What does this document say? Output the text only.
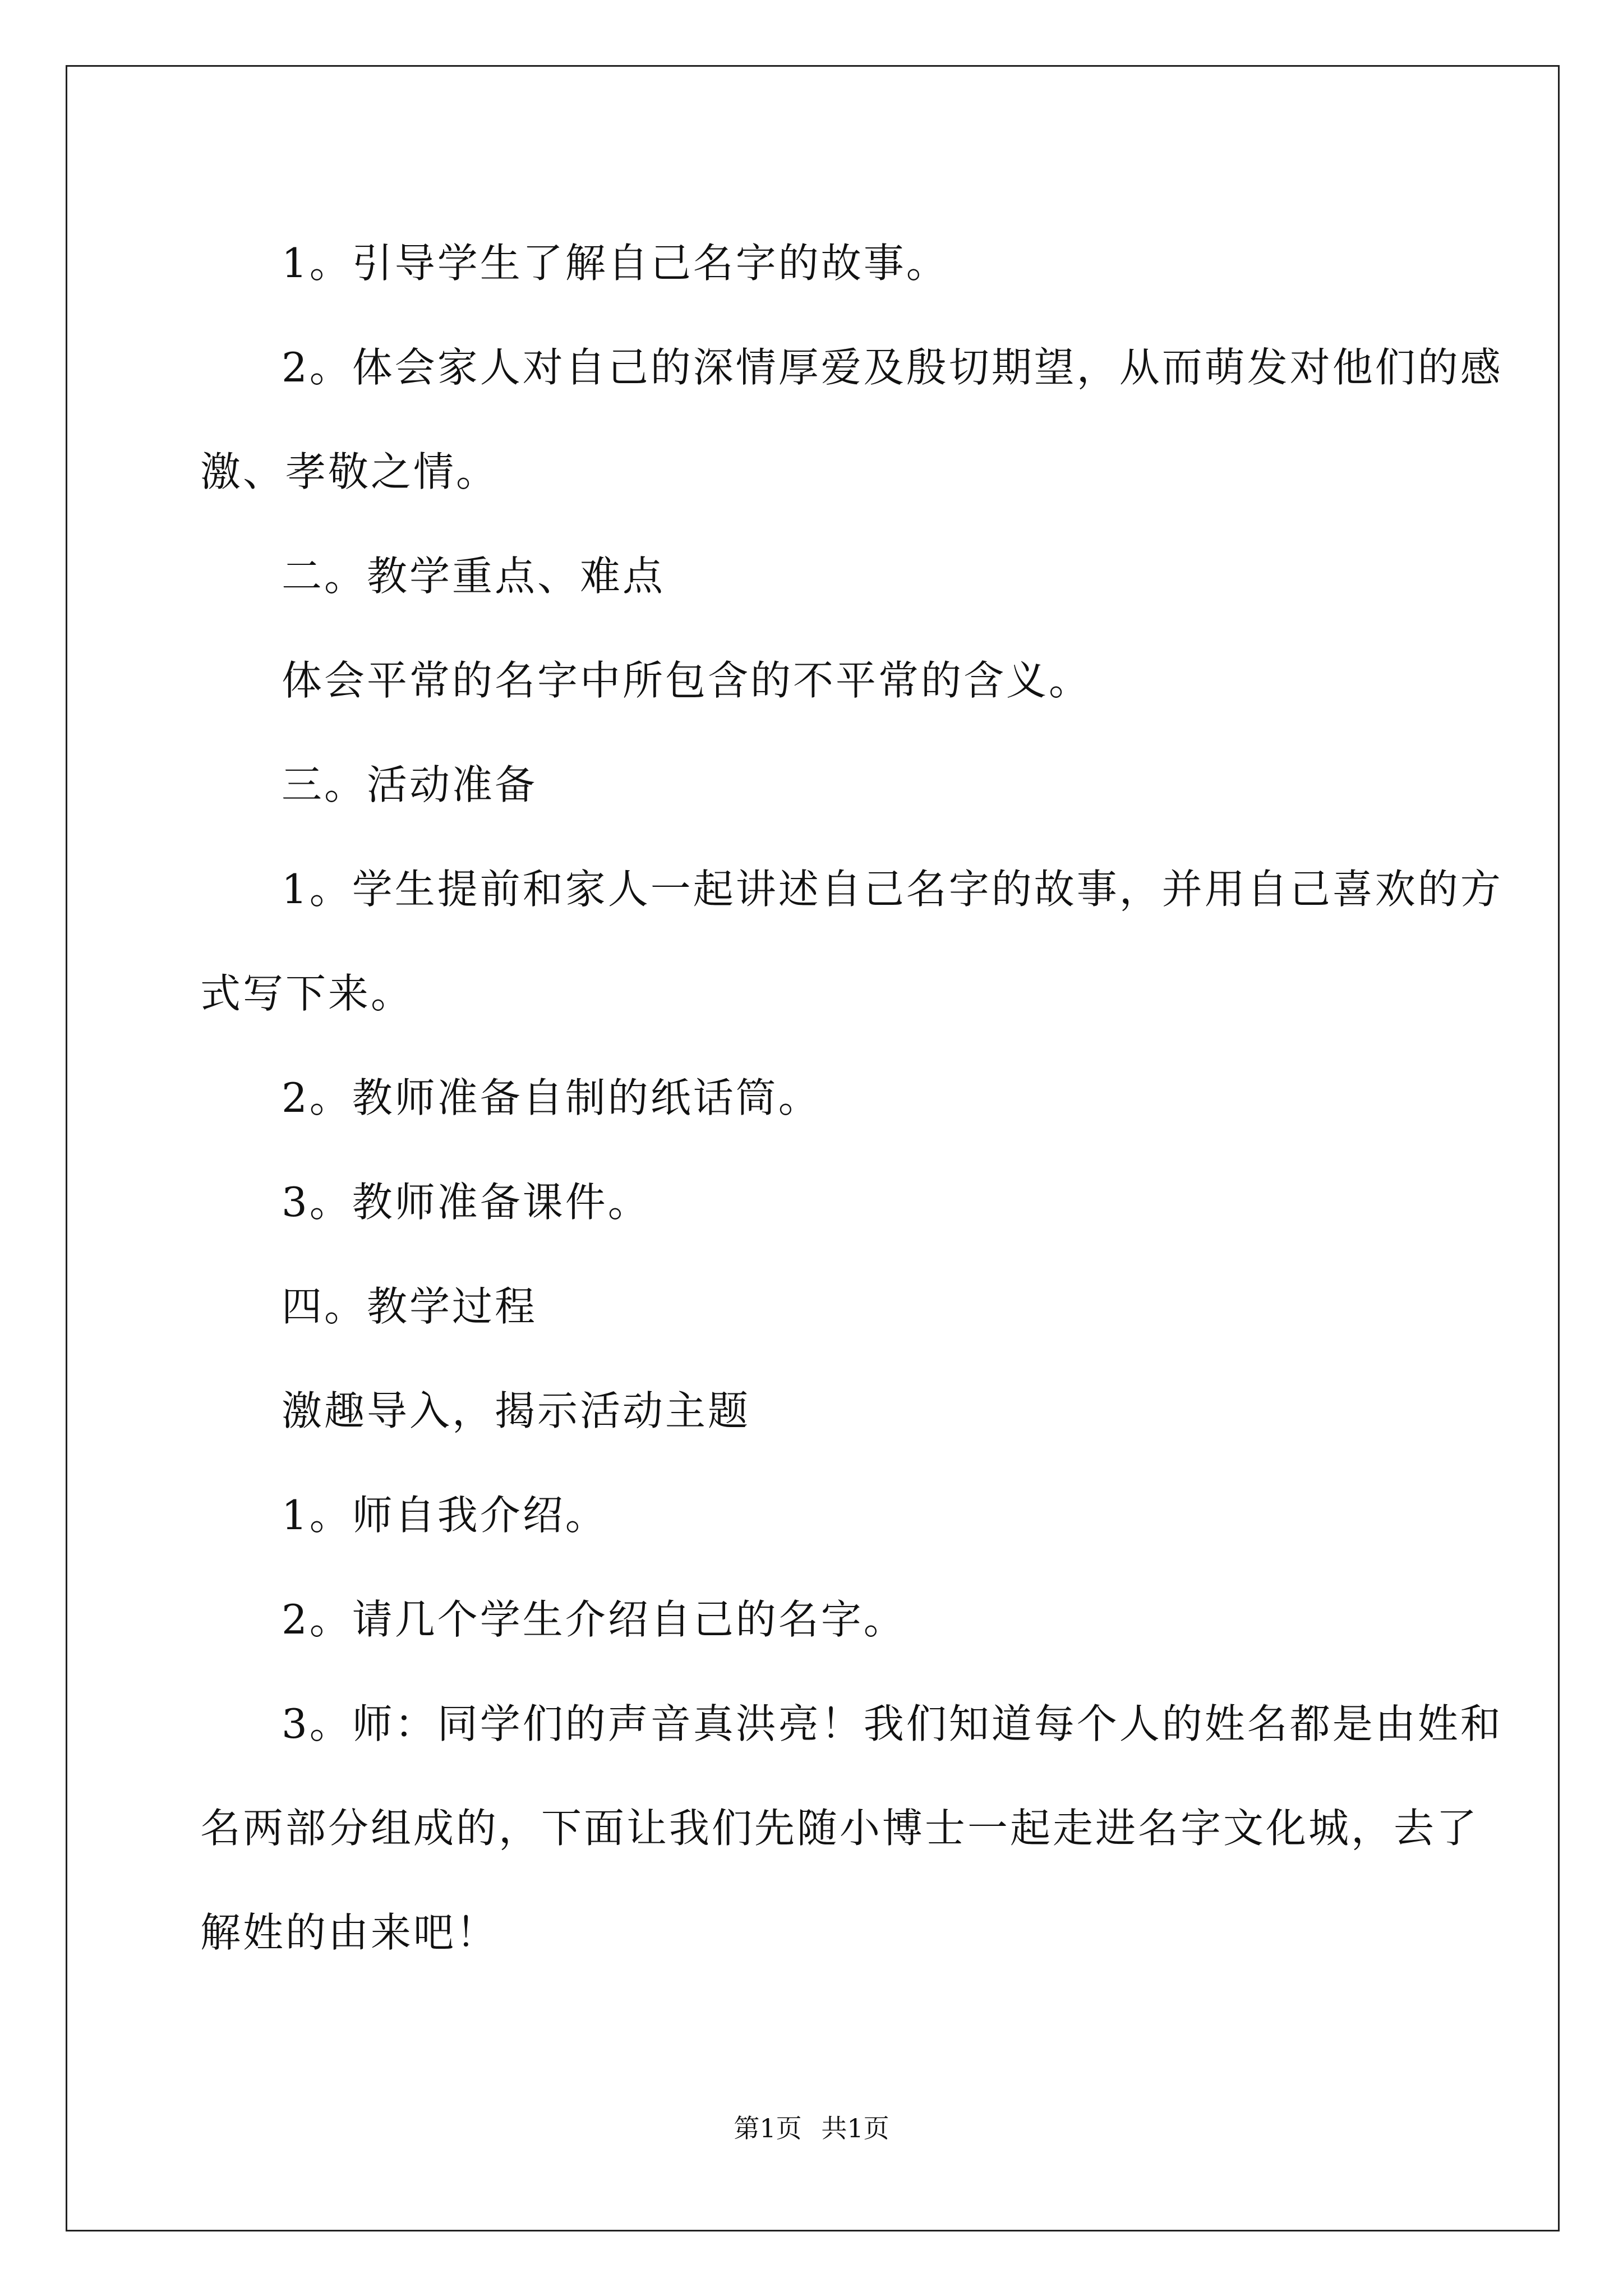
1。引导学生了解自己名字的故事。

2。体会家人对自己的深情厚爱及殷切期望，从而萌发对他们的感

激、孝敬之情。

二。教学重点、难点

体会平常的名字中所包含的不平常的含义。

三。活动准备

1。学生提前和家人一起讲述自己名字的故事，并用自己喜欢的方

式写下来。

2。教师准备自制的纸话筒。

3。教师准备课件。

四。教学过程

激趣导入，揭示活动主题

1。师自我介绍。

2。请几个学生介绍自己的名字。

3。师：同学们的声音真洪亮！我们知道每个人的姓名都是由姓和

名两部分组成的，下面让我们先随小博士一起走进名字文化城，去了

解姓的由来吧！

第1页 共1页
